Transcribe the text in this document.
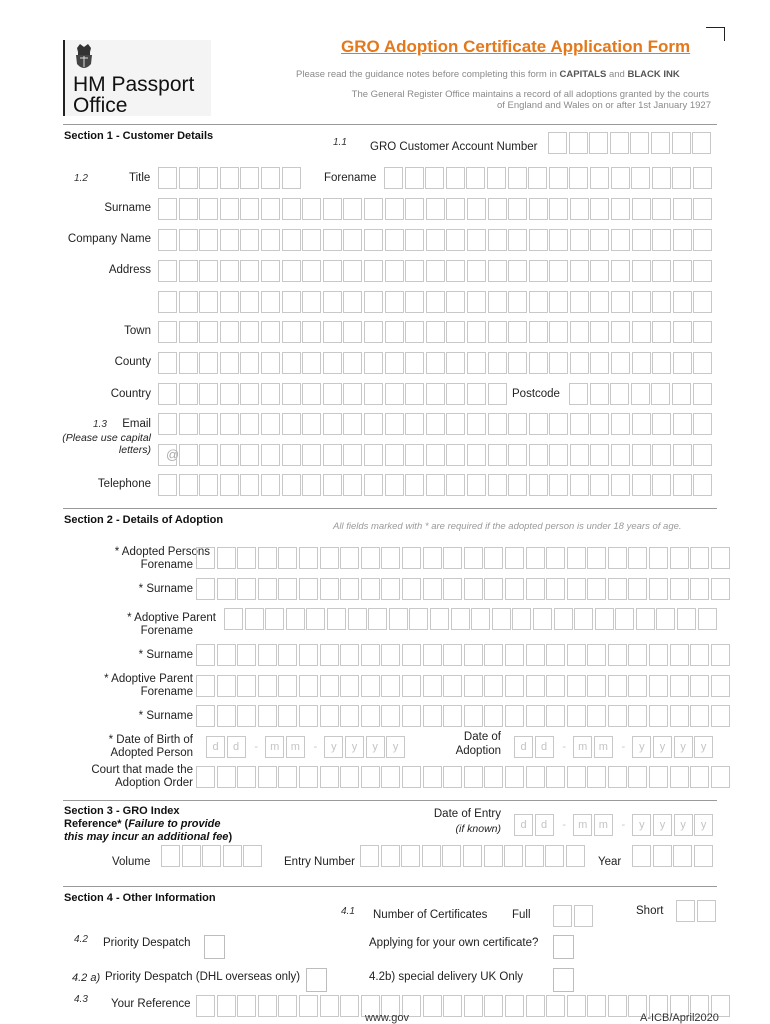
HM Passport
Office
GRO Adoption Certificate Application Form
Please read the guidance notes before completing this form in CAPITALS and BLACK INK
The General Register Office maintains a record of all adoptions granted by the courts
of England and Wales on or after 1st January 1927
Section 1 - Customer Details
1.1 GRO Customer Account Number
1.2	Title	Forename
Surname
Company Name
Address
Town
County
Country	Postcode
1.3 Email
(Please use capital
letters) @
Telephone
Section 2 - Details of Adoption
All fields marked with * are required if the adopted person is under 18 years of age.
* Adopted Persons
Forename
* Surname
* Adoptive Parent
Forename
* Surname
* Adoptive Parent
Forename
* Surname
* Date of Birth of
Adopted Person	d	d	-	m	m	-	y	y	y	y
Date of
Adoption	d	d	-	m	m	-	y	y	y	y
Court that made the
Adoption Order
Section 3 - GRO Index
Reference* (Failure to provide
this may incur an additional fee)
Date of Entry
(if known)	d	d	-	m	m	-	y	y	y	y
Volume	Entry Number	Year
Section 4 - Other Information
4.1 Number of Certificates Full	Short
4.2 Priority Despatch	Applying for your own certificate?
4.2 a) Priority Despatch (DHL overseas only)	4.2b) special delivery UK Only
4.3 Your Reference
www.gov	A-ICB/April2020
